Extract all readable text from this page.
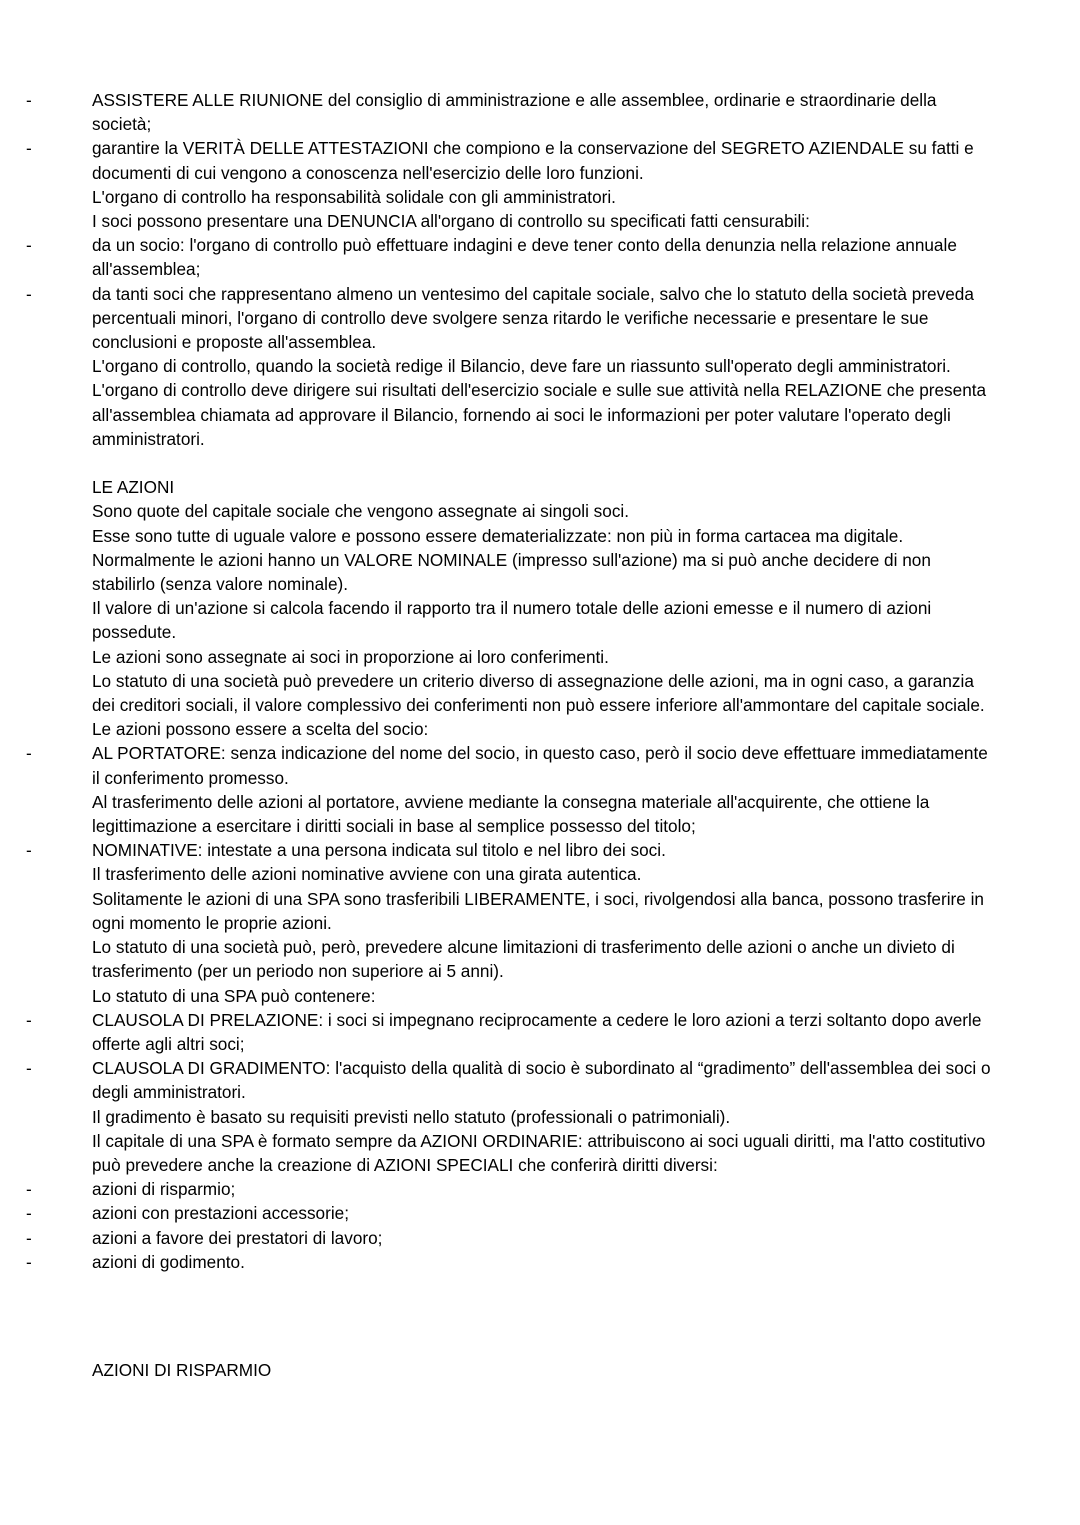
-	ASSISTERE ALLE RIUNIONE del consiglio di amministrazione e alle assemblee, ordinarie e straordinarie della società;

-	garantire la VERITÀ DELLE ATTESTAZIONI che compiono e la conservazione del SEGRETO AZIENDALE su fatti e documenti di cui vengono a conoscenza nell'esercizio delle loro funzioni.

L'organo di controllo ha responsabilità solidale con gli amministratori.

I soci possono presentare una DENUNCIA all'organo di controllo su specificati fatti censurabili:

-	da un socio: l'organo di controllo può effettuare indagini e deve tener conto della denunzia nella relazione annuale all'assemblea;

-	da tanti soci che rappresentano almeno un ventesimo del capitale sociale, salvo che lo statuto della società preveda percentuali minori, l'organo di controllo deve svolgere senza ritardo le verifiche necessarie e presentare le sue conclusioni e proposte all'assemblea.

L'organo di controllo, quando la società redige il Bilancio, deve fare un riassunto sull'operato degli amministratori.

L'organo di controllo deve dirigere sui risultati dell'esercizio sociale e sulle sue attività nella RELAZIONE che presenta all'assemblea chiamata ad approvare il Bilancio, fornendo ai soci le informazioni per poter valutare l'operato degli amministratori.

LE AZIONI

Sono quote del capitale sociale che vengono assegnate ai singoli soci.

Esse sono tutte di uguale valore e possono essere dematerializzate: non più in forma cartacea ma digitale.

Normalmente le azioni hanno un VALORE NOMINALE (impresso sull'azione) ma si può anche decidere di non stabilirlo (senza valore nominale).

Il valore di un'azione si calcola facendo il rapporto tra il numero totale delle azioni emesse e il numero di azioni possedute.

Le azioni sono assegnate ai soci in proporzione ai loro conferimenti.

Lo statuto di una società può prevedere un criterio diverso di assegnazione delle azioni, ma in ogni caso, a garanzia dei creditori sociali, il valore complessivo dei conferimenti non può essere inferiore all'ammontare del capitale sociale.

Le azioni possono essere a scelta del socio:

-	AL PORTATORE: senza indicazione del nome del socio, in questo caso, però il socio deve effettuare immediatamente il conferimento promesso.

Al trasferimento delle azioni al portatore, avviene mediante la consegna materiale all'acquirente, che ottiene la legittimazione a esercitare i diritti sociali in base al semplice possesso del titolo;

-	NOMINATIVE: intestate a una persona indicata sul titolo e nel libro dei soci.

Il trasferimento delle azioni nominative avviene con una girata autentica.

Solitamente le azioni di una SPA sono trasferibili LIBERAMENTE, i soci, rivolgendosi alla banca, possono trasferire in ogni momento le proprie azioni.

Lo statuto di una società può, però, prevedere alcune limitazioni di trasferimento delle azioni o anche un divieto di trasferimento (per un periodo non superiore ai 5 anni).

Lo statuto di una SPA può contenere:

-	CLAUSOLA DI PRELAZIONE: i soci si impegnano reciprocamente a cedere le loro azioni a terzi soltanto dopo averle offerte agli altri soci;

-	CLAUSOLA DI GRADIMENTO: l'acquisto della qualità di socio è subordinato al “gradimento” dell'assemblea dei soci o degli amministratori.

Il gradimento è basato su requisiti previsti nello statuto (professionali o patrimoniali).

Il capitale di una SPA è formato sempre da AZIONI ORDINARIE: attribuiscono ai soci uguali diritti, ma l'atto costitutivo può prevedere anche la creazione di AZIONI SPECIALI che conferirà diritti diversi:

-	azioni di risparmio;

-	azioni con prestazioni accessorie;

-	azioni a favore dei prestatori di lavoro;

-	azioni di godimento.

AZIONI DI RISPARMIO
